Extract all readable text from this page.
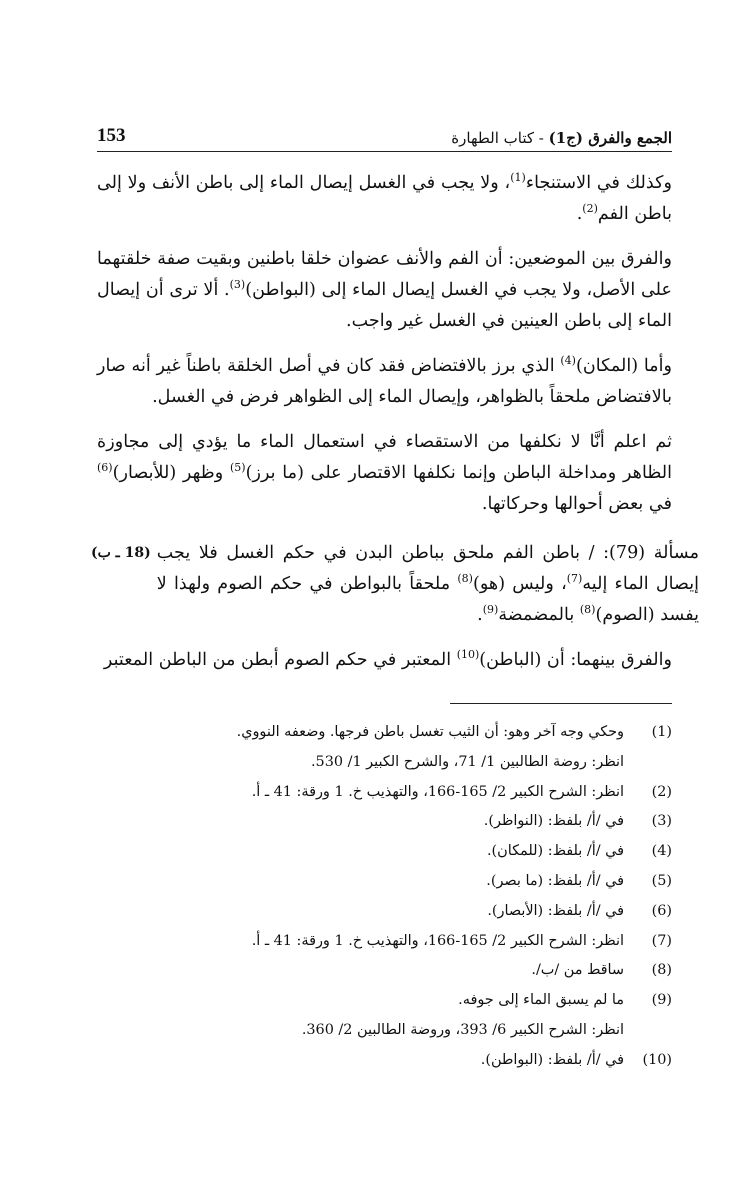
153	الجمع والفرق (ج1) - كتاب الطهارة

وكذلك في الاستنجاء$^{(1)}$، ولا يجب في الغسل إيصال الماء إلى باطن الأنف ولا إلى باطن الفم$^{(2)}$.

والفرق بين الموضعين: أن الفم والأنف عضوان خلقا باطنين وبقيت صفة خلقتهما على الأصل، ولا يجب في الغسل إيصال الماء إلى (البواطن)$^{(3)}$. ألا ترى أن إيصال الماء إلى باطن العينين في الغسل غير واجب.

وأما (المكان)$^{(4)}$ الذي برز بالافتضاض فقد كان في أصل الخلقة باطناً غير أنه صار بالافتضاض ملحقاً بالظواهر، وإيصال الماء إلى الظواهر فرض في الغسل.

ثم اعلم أنَّا لا نكلفها من الاستقصاء في استعمال الماء ما يؤدي إلى مجاوزة الظاهر ومداخلة الباطن وإنما نكلفها الاقتصار على (ما برز)$^{(5)}$ وظهر (للأبصار)$^{(6)}$ في بعض أحوالها وحركاتها.

مسألة (79): / باطن الفم ملحق بباطن البدن في حكم الغسل فلا يجب إيصال الماء إليه$^{(7)}$، وليس (هو)$^{(8)}$ ملحقاً بالبواطن في حكم الصوم ولهذا لا يفسد (الصوم)$^{(8)}$ بالمضمضة$^{(9)}$.

(18 ـ ب)

والفرق بينهما: أن (الباطن)$^{(10)}$ المعتبر في حكم الصوم أبطن من الباطن المعتبر

(1)
وحكي وجه آخر وهو: أن الثيب تغسل باطن فرجها. وضعفه النووي.
انظر: روضة الطالبين 1/ 71، والشرح الكبير 1/ 530.
(2)
انظر: الشرح الكبير 2/ 165-166، والتهذيب خ. 1 ورقة: 41 ـ أ.
(3)
في /أ/ بلفظ: (النواظر).
(4)
في /أ/ بلفظ: (للمكان).
(5)
في /أ/ بلفظ: (ما بصر).
(6)
في /أ/ بلفظ: (الأبصار).
(7)
انظر: الشرح الكبير 2/ 165-166، والتهذيب خ. 1 ورقة: 41 ـ أ.
(8)
ساقط من /ب/.
(9)
ما لم يسبق الماء إلى جوفه.
انظر: الشرح الكبير 6/ 393، وروضة الطالبين 2/ 360.
(10)
في /أ/ بلفظ: (البواطن).
